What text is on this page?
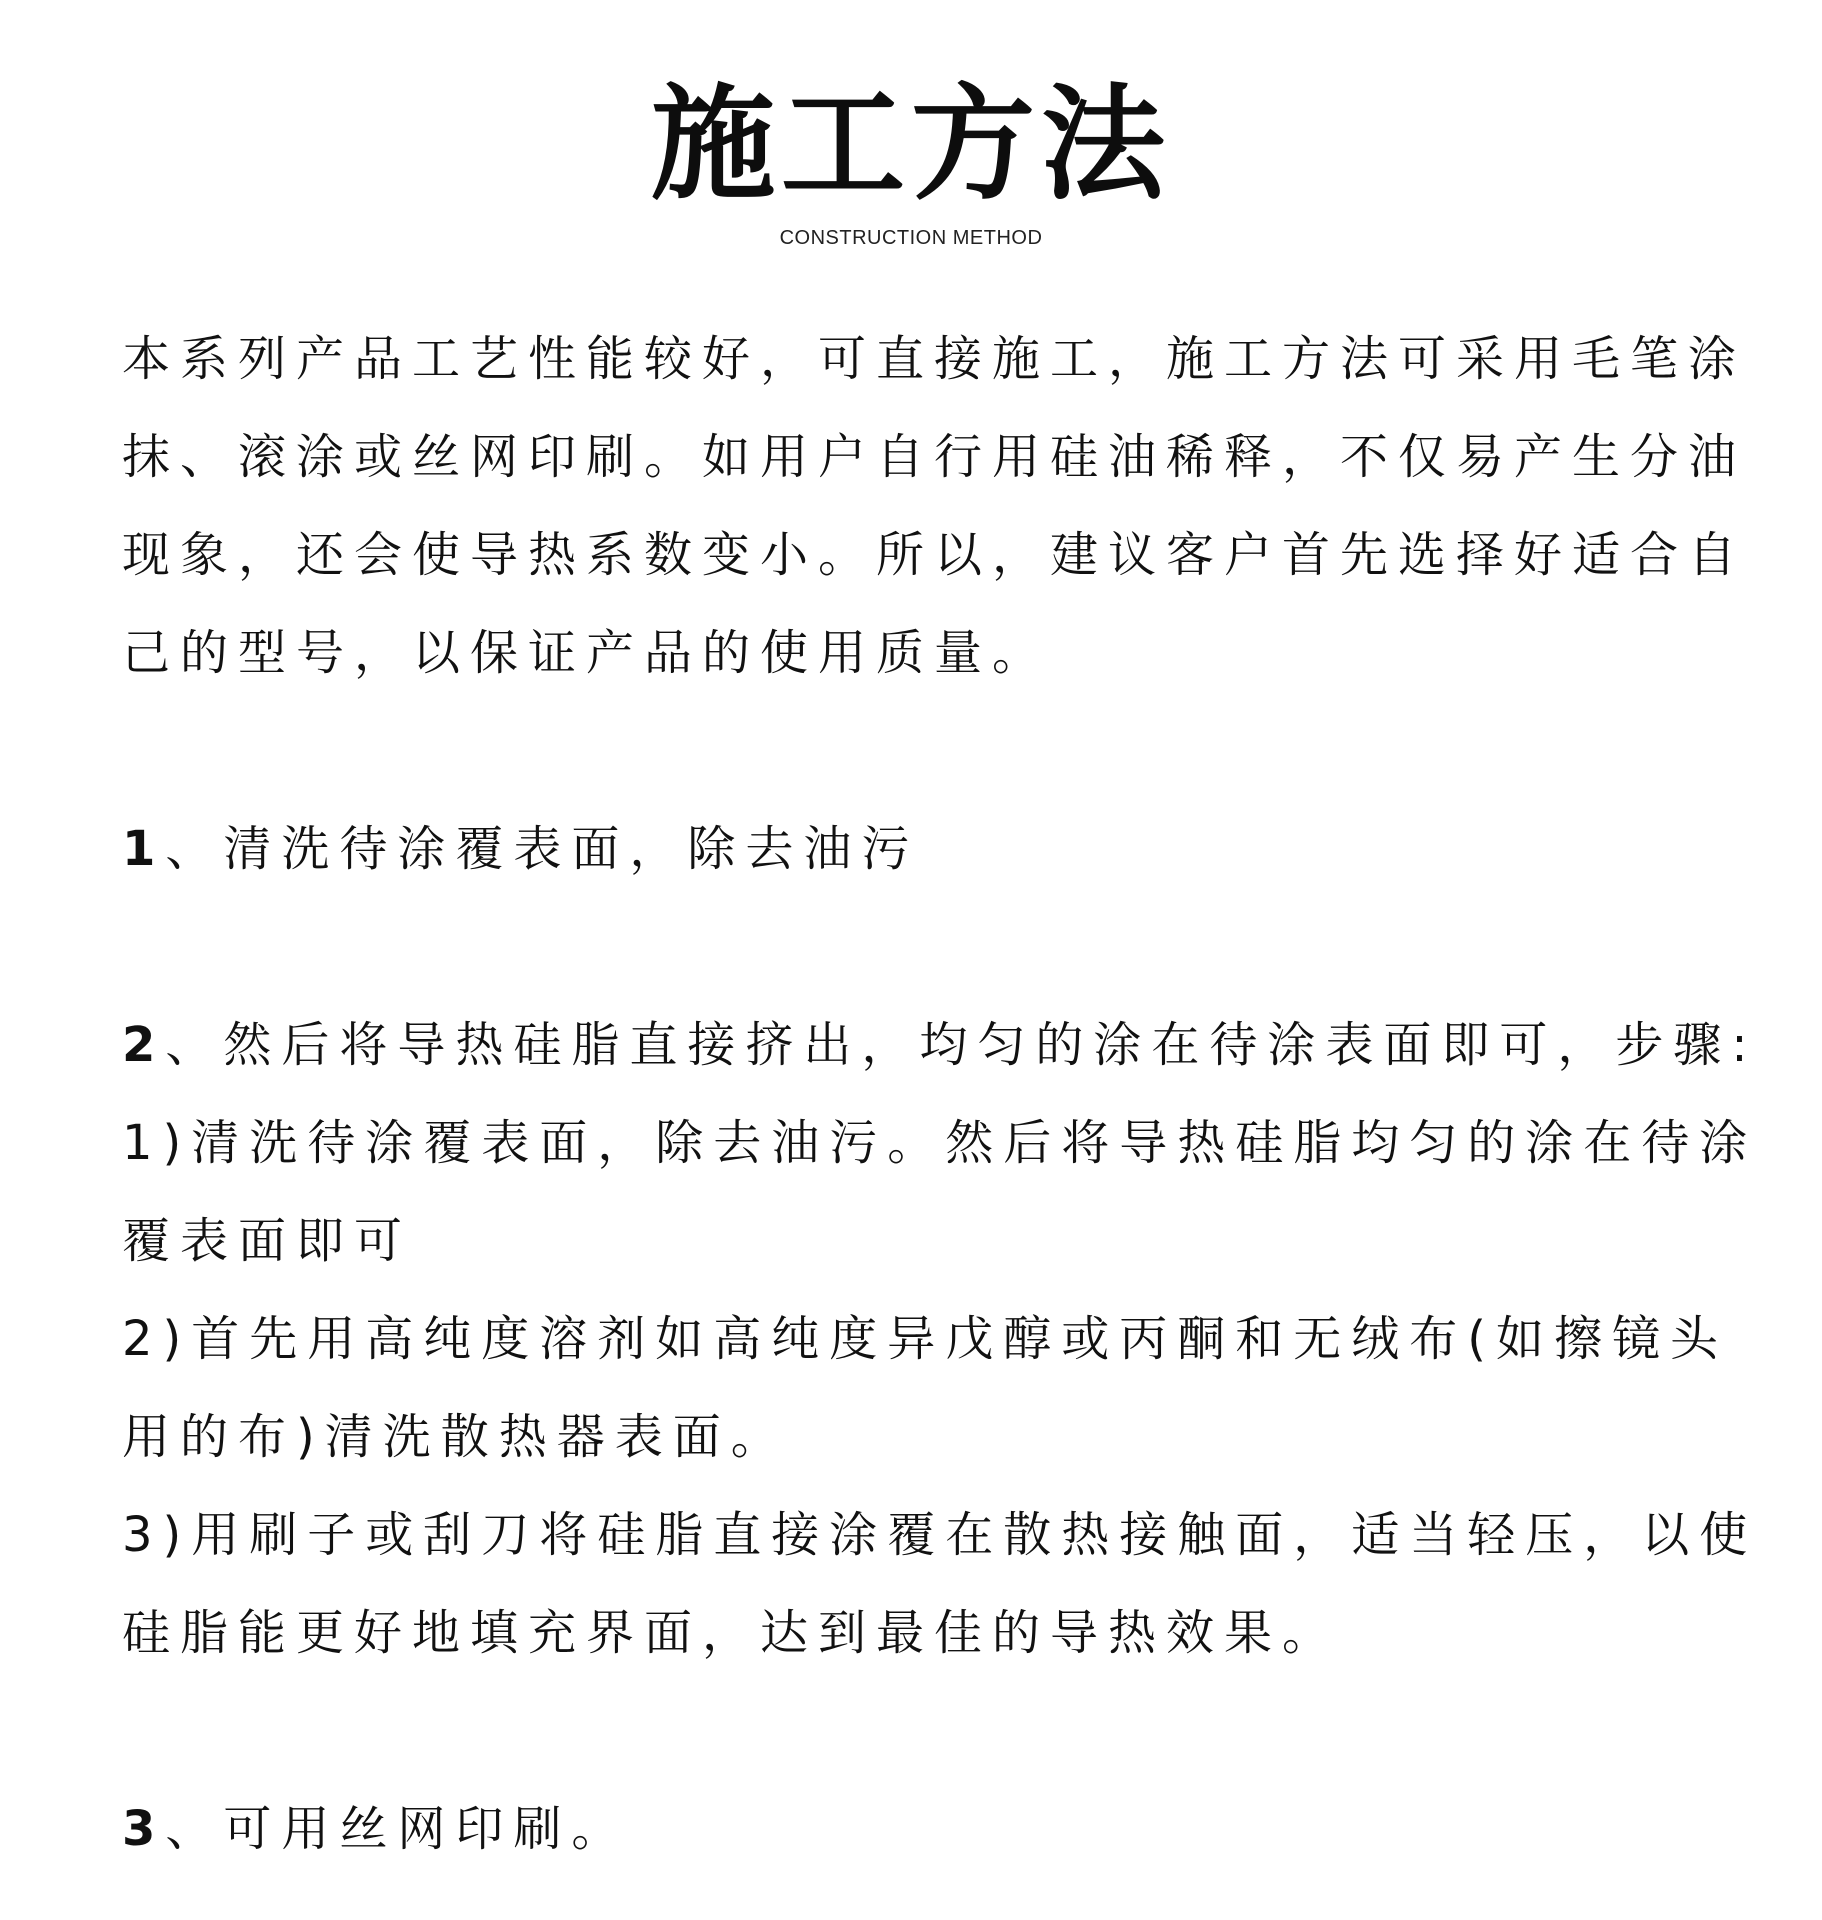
施工方法
CONSTRUCTION METHOD
本系列产品工艺性能较好，可直接施工，施工方法可采用毛笔涂
抹、滚涂或丝网印刷。如用户自行用硅油稀释，不仅易产生分油
现象，还会使导热系数变小。所以，建议客户首先选择好适合自
己的型号，以保证产品的使用质量。
1、清洗待涂覆表面，除去油污
2、然后将导热硅脂直接挤出，均匀的涂在待涂表面即可，步骤:
1)清洗待涂覆表面，除去油污。然后将导热硅脂均匀的涂在待涂
覆表面即可
2)首先用高纯度溶剂如高纯度异戊醇或丙酮和无绒布(如擦镜头
用的布)清洗散热器表面。
3)用刷子或刮刀将硅脂直接涂覆在散热接触面，适当轻压，以使
硅脂能更好地填充界面，达到最佳的导热效果。
3、可用丝网印刷。
